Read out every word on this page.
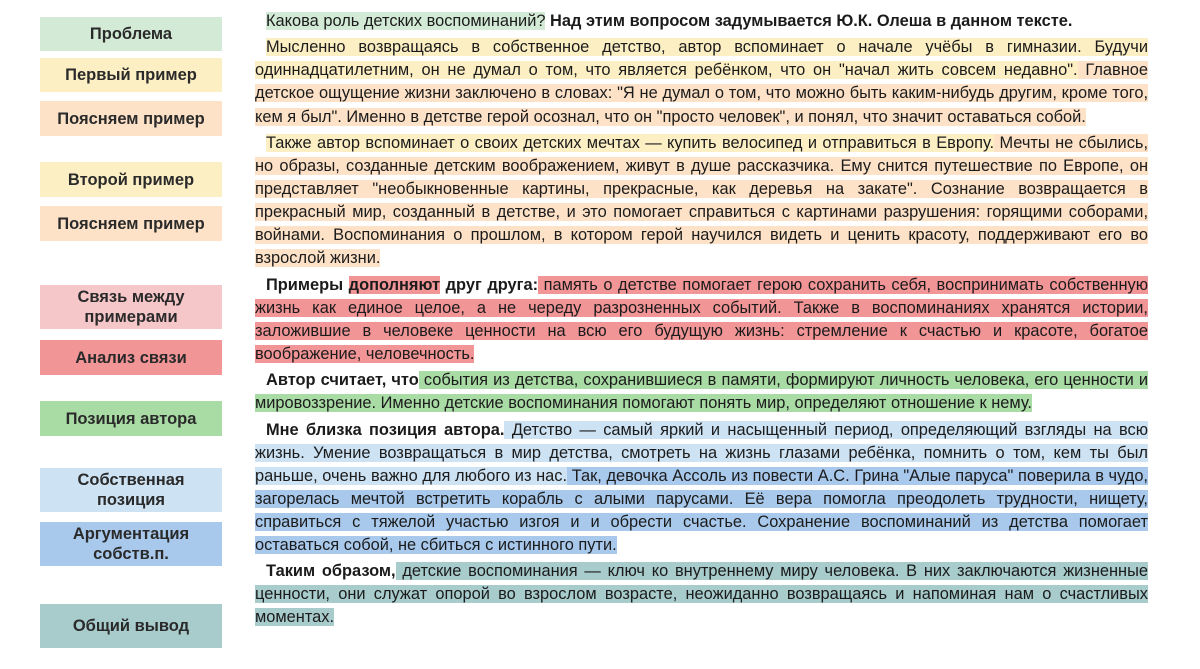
Проблема
Первый пример
Поясняем пример
Второй пример
Поясняем пример
Связь между примерами
Анализ связи
Позиция автора
Собственная позиция
Аргументация собств.п.
Общий вывод

Какова роль детских воспоминаний? Над этим вопросом задумывается Ю.К. Олеша в данном тексте.

Мысленно возвращаясь в собственное детство, автор вспоминает о начале учёбы в гимназии. Будучи одиннадцатилетним, он не думал о том, что является ребёнком, что он "начал жить совсем недавно". Главное детское ощущение жизни заключено в словах: "Я не думал о том, что можно быть каким-нибудь другим, кроме того, кем я был". Именно в детстве герой осознал, что он "просто человек", и понял, что значит оставаться собой.

Также автор вспоминает о своих детских мечтах — купить велосипед и отправиться в Европу. Мечты не сбылись, но образы, созданные детским воображением, живут в душе рассказчика. Ему снится путешествие по Европе, он представляет "необыкновенные картины, прекрасные, как деревья на закате". Сознание возвращается в прекрасный мир, созданный в детстве, и это помогает справиться с картинами разрушения: горящими соборами, войнами. Воспоминания о прошлом, в котором герой научился видеть и ценить красоту, поддерживают его во взрослой жизни.

Примеры дополняют друг друга: память о детстве помогает герою сохранить себя, воспринимать собственную жизнь как единое целое, а не череду разрозненных событий. Также в воспоминаниях хранятся истории, заложившие в человеке ценности на всю его будущую жизнь: стремление к счастью и красоте, богатое воображение, человечность.

Автор считает, что события из детства, сохранившиеся в памяти, формируют личность человека, его ценности и мировоззрение. Именно детские воспоминания помогают понять мир, определяют отношение к нему.

Мне близка позиция автора. Детство — самый яркий и насыщенный период, определяющий взгляды на всю жизнь. Умение возвращаться в мир детства, смотреть на жизнь глазами ребёнка, помнить о том, кем ты был раньше, очень важно для любого из нас. Так, девочка Ассоль из повести А.С. Грина "Алые паруса" поверила в чудо, загорелась мечтой встретить корабль с алыми парусами. Её вера помогла преодолеть трудности, нищету, справиться с тяжелой участью изгоя и и обрести счастье. Сохранение воспоминаний из детства помогает оставаться собой, не сбиться с истинного пути.

Таким образом, детские воспоминания — ключ ко внутреннему миру человека. В них заключаются жизненные ценности, они служат опорой во взрослом возрасте, неожиданно возвращаясь и напоминая нам о счастливых моментах.
